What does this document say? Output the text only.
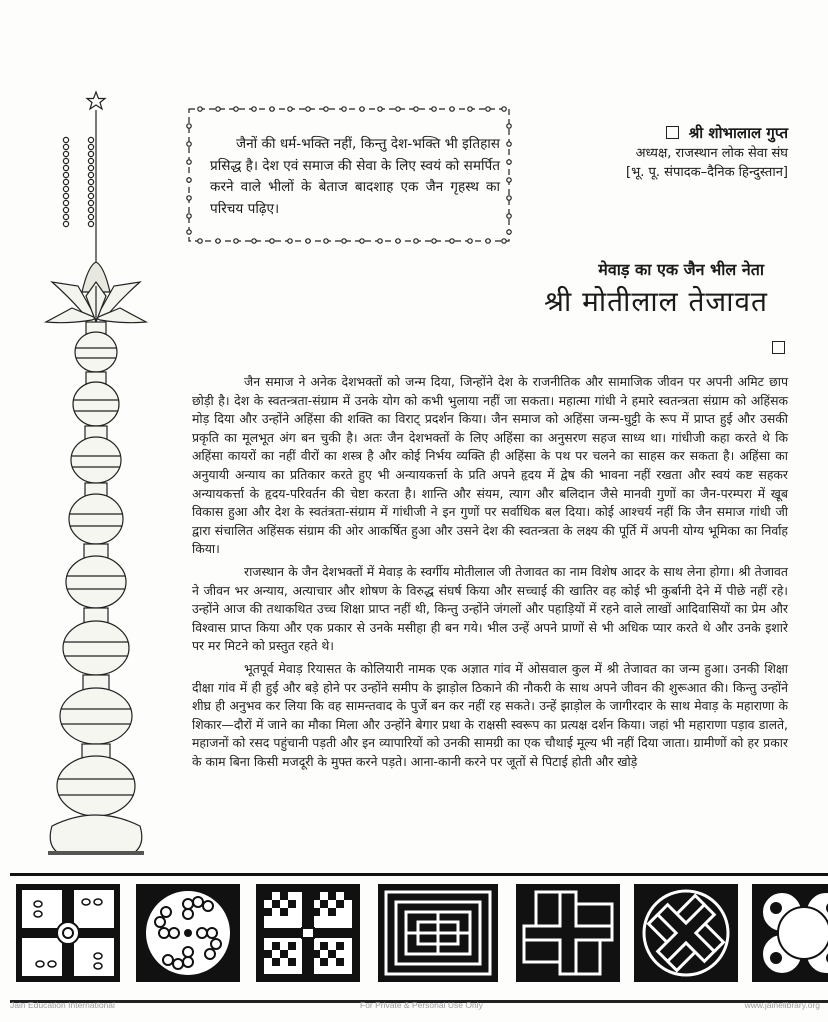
जैनों की धर्म-भक्ति नहीं, किन्तु देश-भक्ति भी इतिहास प्रसिद्ध है। देश एवं समाज की सेवा के लिए स्वयं को समर्पित करने वाले भीलों के बेताज बादशाह एक जैन गृहस्थ का परिचय पढ़िए।
श्री शोभालाल गुप्त
अध्यक्ष, राजस्थान लोक सेवा संघ
[भू. पू. संपादक–दैनिक हिन्दुस्तान]
मेवाड़ का एक जैन भील नेता
श्री मोतीलाल तेजावत

जैन समाज ने अनेक देशभक्तों को जन्म दिया, जिन्होंने देश के राजनीतिक और सामाजिक जीवन पर अपनी अमिट छाप छोड़ी है। देश के स्वतन्त्रता-संग्राम में उनके योग को कभी भुलाया नहीं जा सकता। महात्मा गांधी ने हमारे स्वतन्त्रता संग्राम को अहिंसक मोड़ दिया और उन्होंने अहिंसा की शक्ति का विराट् प्रदर्शन किया। जैन समाज को अहिंसा जन्म-घुट्टी के रूप में प्राप्त हुई और उसकी प्रकृति का मूलभूत अंग बन चुकी है। अतः जैन देशभक्तों के लिए अहिंसा का अनुसरण सहज साध्य था। गांधीजी कहा करते थे कि अहिंसा कायरों का नहीं वीरों का शस्त्र है और कोई निर्भय व्यक्ति ही अहिंसा के पथ पर चलने का साहस कर सकता है। अहिंसा का अनुयायी अन्याय का प्रतिकार करते हुए भी अन्यायकर्त्ता के प्रति अपने हृदय में द्वेष की भावना नहीं रखता और स्वयं कष्ट सहकर अन्यायकर्त्ता के हृदय-परिवर्तन की चेष्टा करता है। शान्ति और संयम, त्याग और बलिदान जैसे मानवी गुणों का जैन-परम्परा में खूब विकास हुआ और देश के स्वतंत्रता-संग्राम में गांधीजी ने इन गुणों पर सर्वाधिक बल दिया। कोई आश्चर्य नहीं कि जैन समाज गांधी जी द्वारा संचालित अहिंसक संग्राम की ओर आकर्षित हुआ और उसने देश की स्वतन्त्रता के लक्ष्य की पूर्ति में अपनी योग्य भूमिका का निर्वाह किया।

राजस्थान के जैन देशभक्तों में मेवाड़ के स्वर्गीय मोतीलाल जी तेजावत का नाम विशेष आदर के साथ लेना होगा। श्री तेजावत ने जीवन भर अन्याय, अत्याचार और शोषण के विरुद्ध संघर्ष किया और सच्चाई की खातिर वह कोई भी कुर्बानी देने में पीछे नहीं रहे। उन्होंने आज की तथाकथित उच्च शिक्षा प्राप्त नहीं थी, किन्तु उन्होंने जंगलों और पहाड़ियों में रहने वाले लाखों आदिवासियों का प्रेम और विश्वास प्राप्त किया और एक प्रकार से उनके मसीहा ही बन गये। भील उन्हें अपने प्राणों से भी अधिक प्यार करते थे और उनके इशारे पर मर मिटने को प्रस्तुत रहते थे।

भूतपूर्व मेवाड़ रियासत के कोलियारी नामक एक अज्ञात गांव में ओसवाल कुल में श्री तेजावत का जन्म हुआ। उनकी शिक्षा दीक्षा गांव में ही हुई और बड़े होने पर उन्होंने समीप के झाड़ोल ठिकाने की नौकरी के साथ अपने जीवन की शुरूआत की। किन्तु उन्होंने शीघ्र ही अनुभव कर लिया कि वह सामन्तवाद के पुर्जे बन कर नहीं रह सकते। उन्हें झाड़ोल के जागीरदार के साथ मेवाड़ के महाराणा के शिकार—दौरों में जाने का मौका मिला और उन्होंने बेगार प्रथा के राक्षसी स्वरूप का प्रत्यक्ष दर्शन किया। जहां भी महाराणा पड़ाव डालते, महाजनों को रसद पहुंचानी पड़ती और इन व्यापारियों को उनकी सामग्री का एक चौथाई मूल्य भी नहीं दिया जाता। ग्रामीणों को हर प्रकार के काम बिना किसी मजदूरी के मुफ्त करने पड़ते। आना-कानी करने पर जूतों से पिटाई होती और खोड़े

Jain Education International	For Private & Personal Use Only	www.jainelibrary.org
